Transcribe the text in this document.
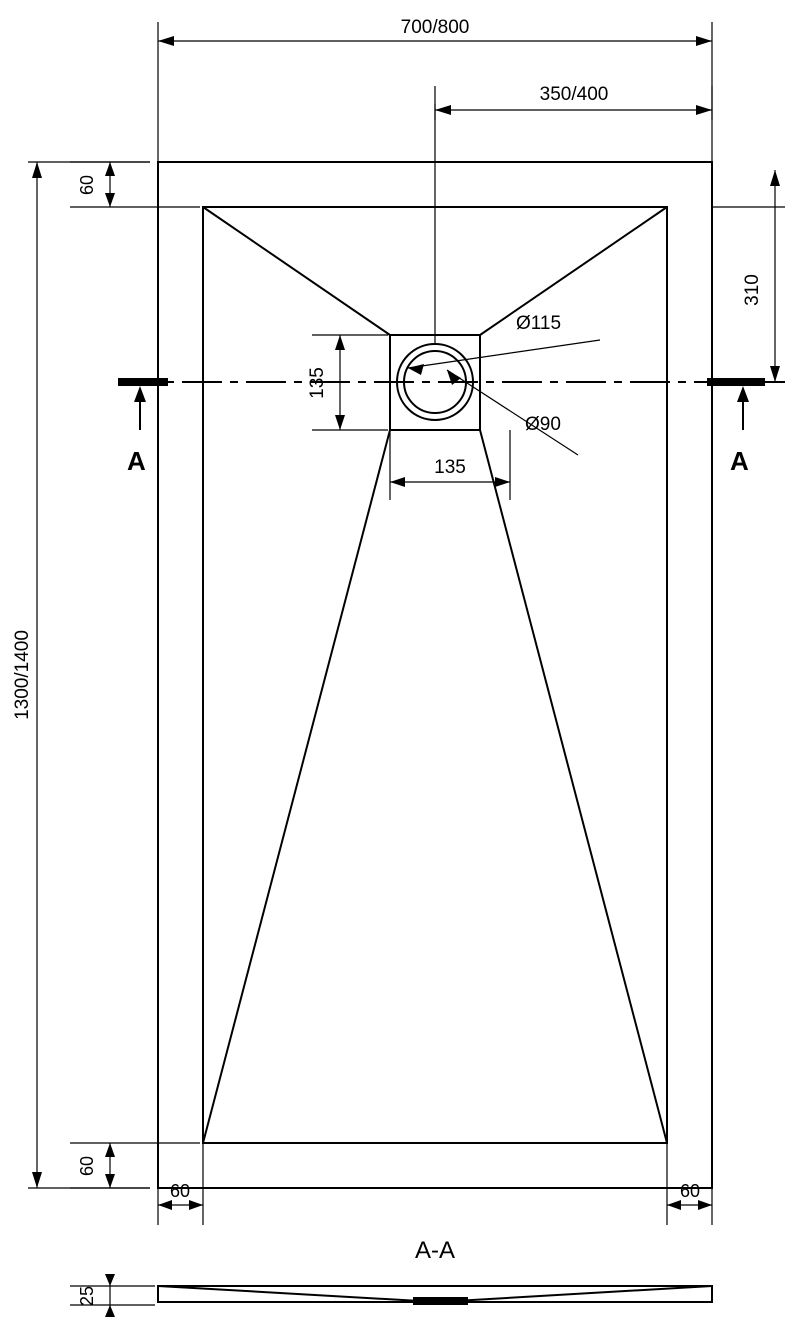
A	A
700/800
350/400
1300/1400
60
60
310
60	60
135
135
Ø115
Ø90
A-A
25
